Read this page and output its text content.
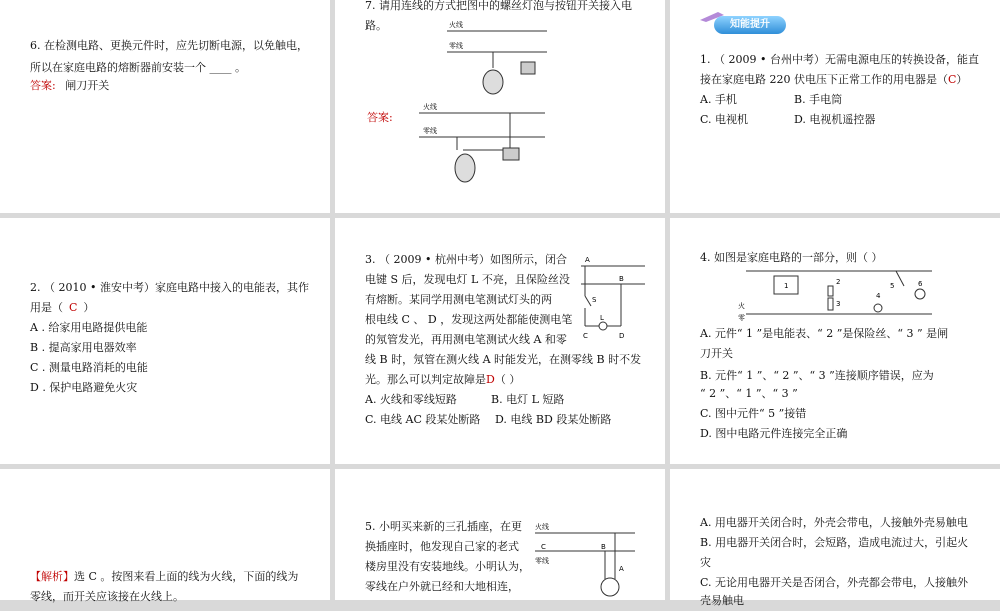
6. 在检测电路、更换元件时，应先切断电源，以免触电，
所以在家庭电路的熔断器前安装一个 ____ 。
答案: 闸刀开关
7. 请用连线的方式把图中的螺丝灯泡与按钮开关接入电
路。	火线
零线
答案:
火线
零线
知能提升
1. （ 2009 • 台州中考）无需电源电压的转换设备，能直
接在家庭电路 220 伏电压下正常工作的用电器是（C）
A. 手机	B. 手电筒
C. 电视机	D. 电视机遥控器
2. （ 2010 • 淮安中考）家庭电路中接入的电能表，其作
用是（ C ）
A . 给家用电路提供电能
B . 提高家用电器效率
C . 测量电路消耗的电能
D . 保护电路避免火灾
3. （ 2009 • 杭州中考）如图所示，闭合
电键 S 后，发现电灯 L 不亮，且保险丝没
有熔断。某同学用测电笔测试灯头的两
根电线 C 、 D ，发现这两处都能使测电笔
的氖管发光，再用测电笔测试火线 A 和零
线 B 时，氖管在测火线 A 时能发光，在测零线 B 时不发
光。那么可以判定故障是D（ ）
A. 火线和零线短路	B. 电灯 L 短路
C. 电线 AC 段某处断路 D. 电线 BD 段某处断路
A
B
S
L
C	D
4. 如图是家庭电路的一部分，则（ ）
火
零
1	2
3
4
5	6
A. 元件“ 1 ”是电能表、“ 2 ”是保险丝、“ 3 ” 是闸
刀开关
B. 元件“ 1 ”、“ 2 ”、“ 3 ”连接顺序错误，应为
“ 2 ”、“ 1 ”、“ 3 ”
C. 图中元件“ 5 ”接错
D. 图中电路元件连接完全正确
【解析】选 C 。按图来看上面的线为火线，下面的线为
零线，而开关应该接在火线上。
5. 小明买来新的三孔插座，在更
换插座时，他发现自己家的老式
楼房里没有安装地线。小明认为，
零线在户外就已经和大地相连，
火线
C
零线
B
A
A. 用电器开关闭合时，外壳会带电，人接触外壳易触电
B. 用电器开关闭合时，会短路，造成电流过大，引起火
灾
C. 无论用电器开关是否闭合，外壳都会带电，人接触外
壳易触电
